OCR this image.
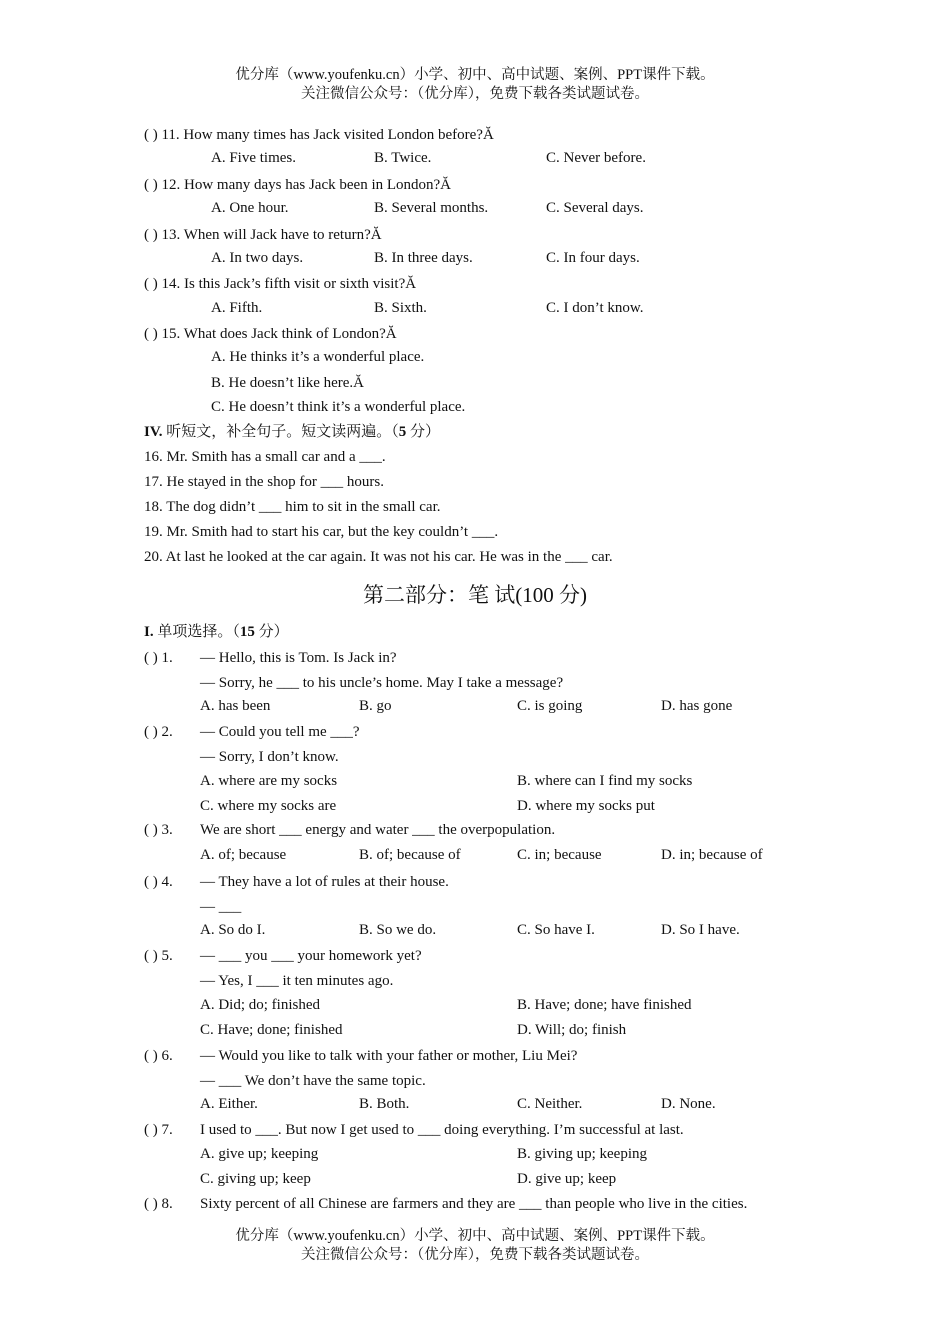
优分库（www.youfenku.cn）小学、初中、高中试题、案例、PPT课件下载。
关注微信公众号：（优分库），免费下载各类试题试卷。
( ) 11. How many times has Jack visited London before?Ă
A. Five times.	B. Twice.	C. Never before.
( ) 12. How many days has Jack been in London?Ă
A. One hour.	B. Several months.	C. Several days.
( ) 13. When will Jack have to return?Ă
A. In two days.	B. In three days.	C. In four days.
( ) 14. Is this Jack’s fifth visit or sixth visit?Ă
A. Fifth.	B. Sixth.	C. I don’t know.
( ) 15. What does Jack think of London?Ă
A. He thinks it’s a wonderful place.
B. He doesn’t like here.Ă
C. He doesn’t think it’s a wonderful place.
IV. 听短文，补全句子。短文读两遍。（5 分）
16. Mr. Smith has a small car and a ___.
17. He stayed in the shop for ___ hours.
18. The dog didn’t ___ him to sit in the small car.
19. Mr. Smith had to start his car, but the key couldn’t ___.
20. At last he looked at the car again. It was not his car. He was in the ___ car.
第二部分：笔 试(100 分)
I. 单项选择。（15 分）
( ) 1. — Hello, this is Tom. Is Jack in?
— Sorry, he ___ to his uncle’s home. May I take a message?
A. has been	B. go	C. is going	D. has gone
( ) 2. — Could you tell me ___?
— Sorry, I don’t know.
A. where are my socks	B. where can I find my socks
C. where my socks are	D. where my socks put
( ) 3. We are short ___ energy and water ___ the overpopulation.
A. of; because	B. of; because of	C. in; because	D. in; because of
( ) 4. — They have a lot of rules at their house.
— ___
A. So do I.	B. So we do.	C. So have I.	D. So I have.
( ) 5. — ___ you ___ your homework yet?
— Yes, I ___ it ten minutes ago.
A. Did; do; finished	B. Have; done; have finished
C. Have; done; finished	D. Will; do; finish
( ) 6. — Would you like to talk with your father or mother, Liu Mei?
— ___ We don’t have the same topic.
A. Either.	B. Both.	C. Neither.	D. None.
( ) 7. I used to ___. But now I get used to ___ doing everything. I’m successful at last.
A. give up; keeping	B. giving up; keeping
C. giving up; keep	D. give up; keep
( ) 8. Sixty percent of all Chinese are farmers and they are ___ than people who live in the cities.
优分库（www.youfenku.cn）小学、初中、高中试题、案例、PPT课件下载。
关注微信公众号：（优分库），免费下载各类试题试卷。
